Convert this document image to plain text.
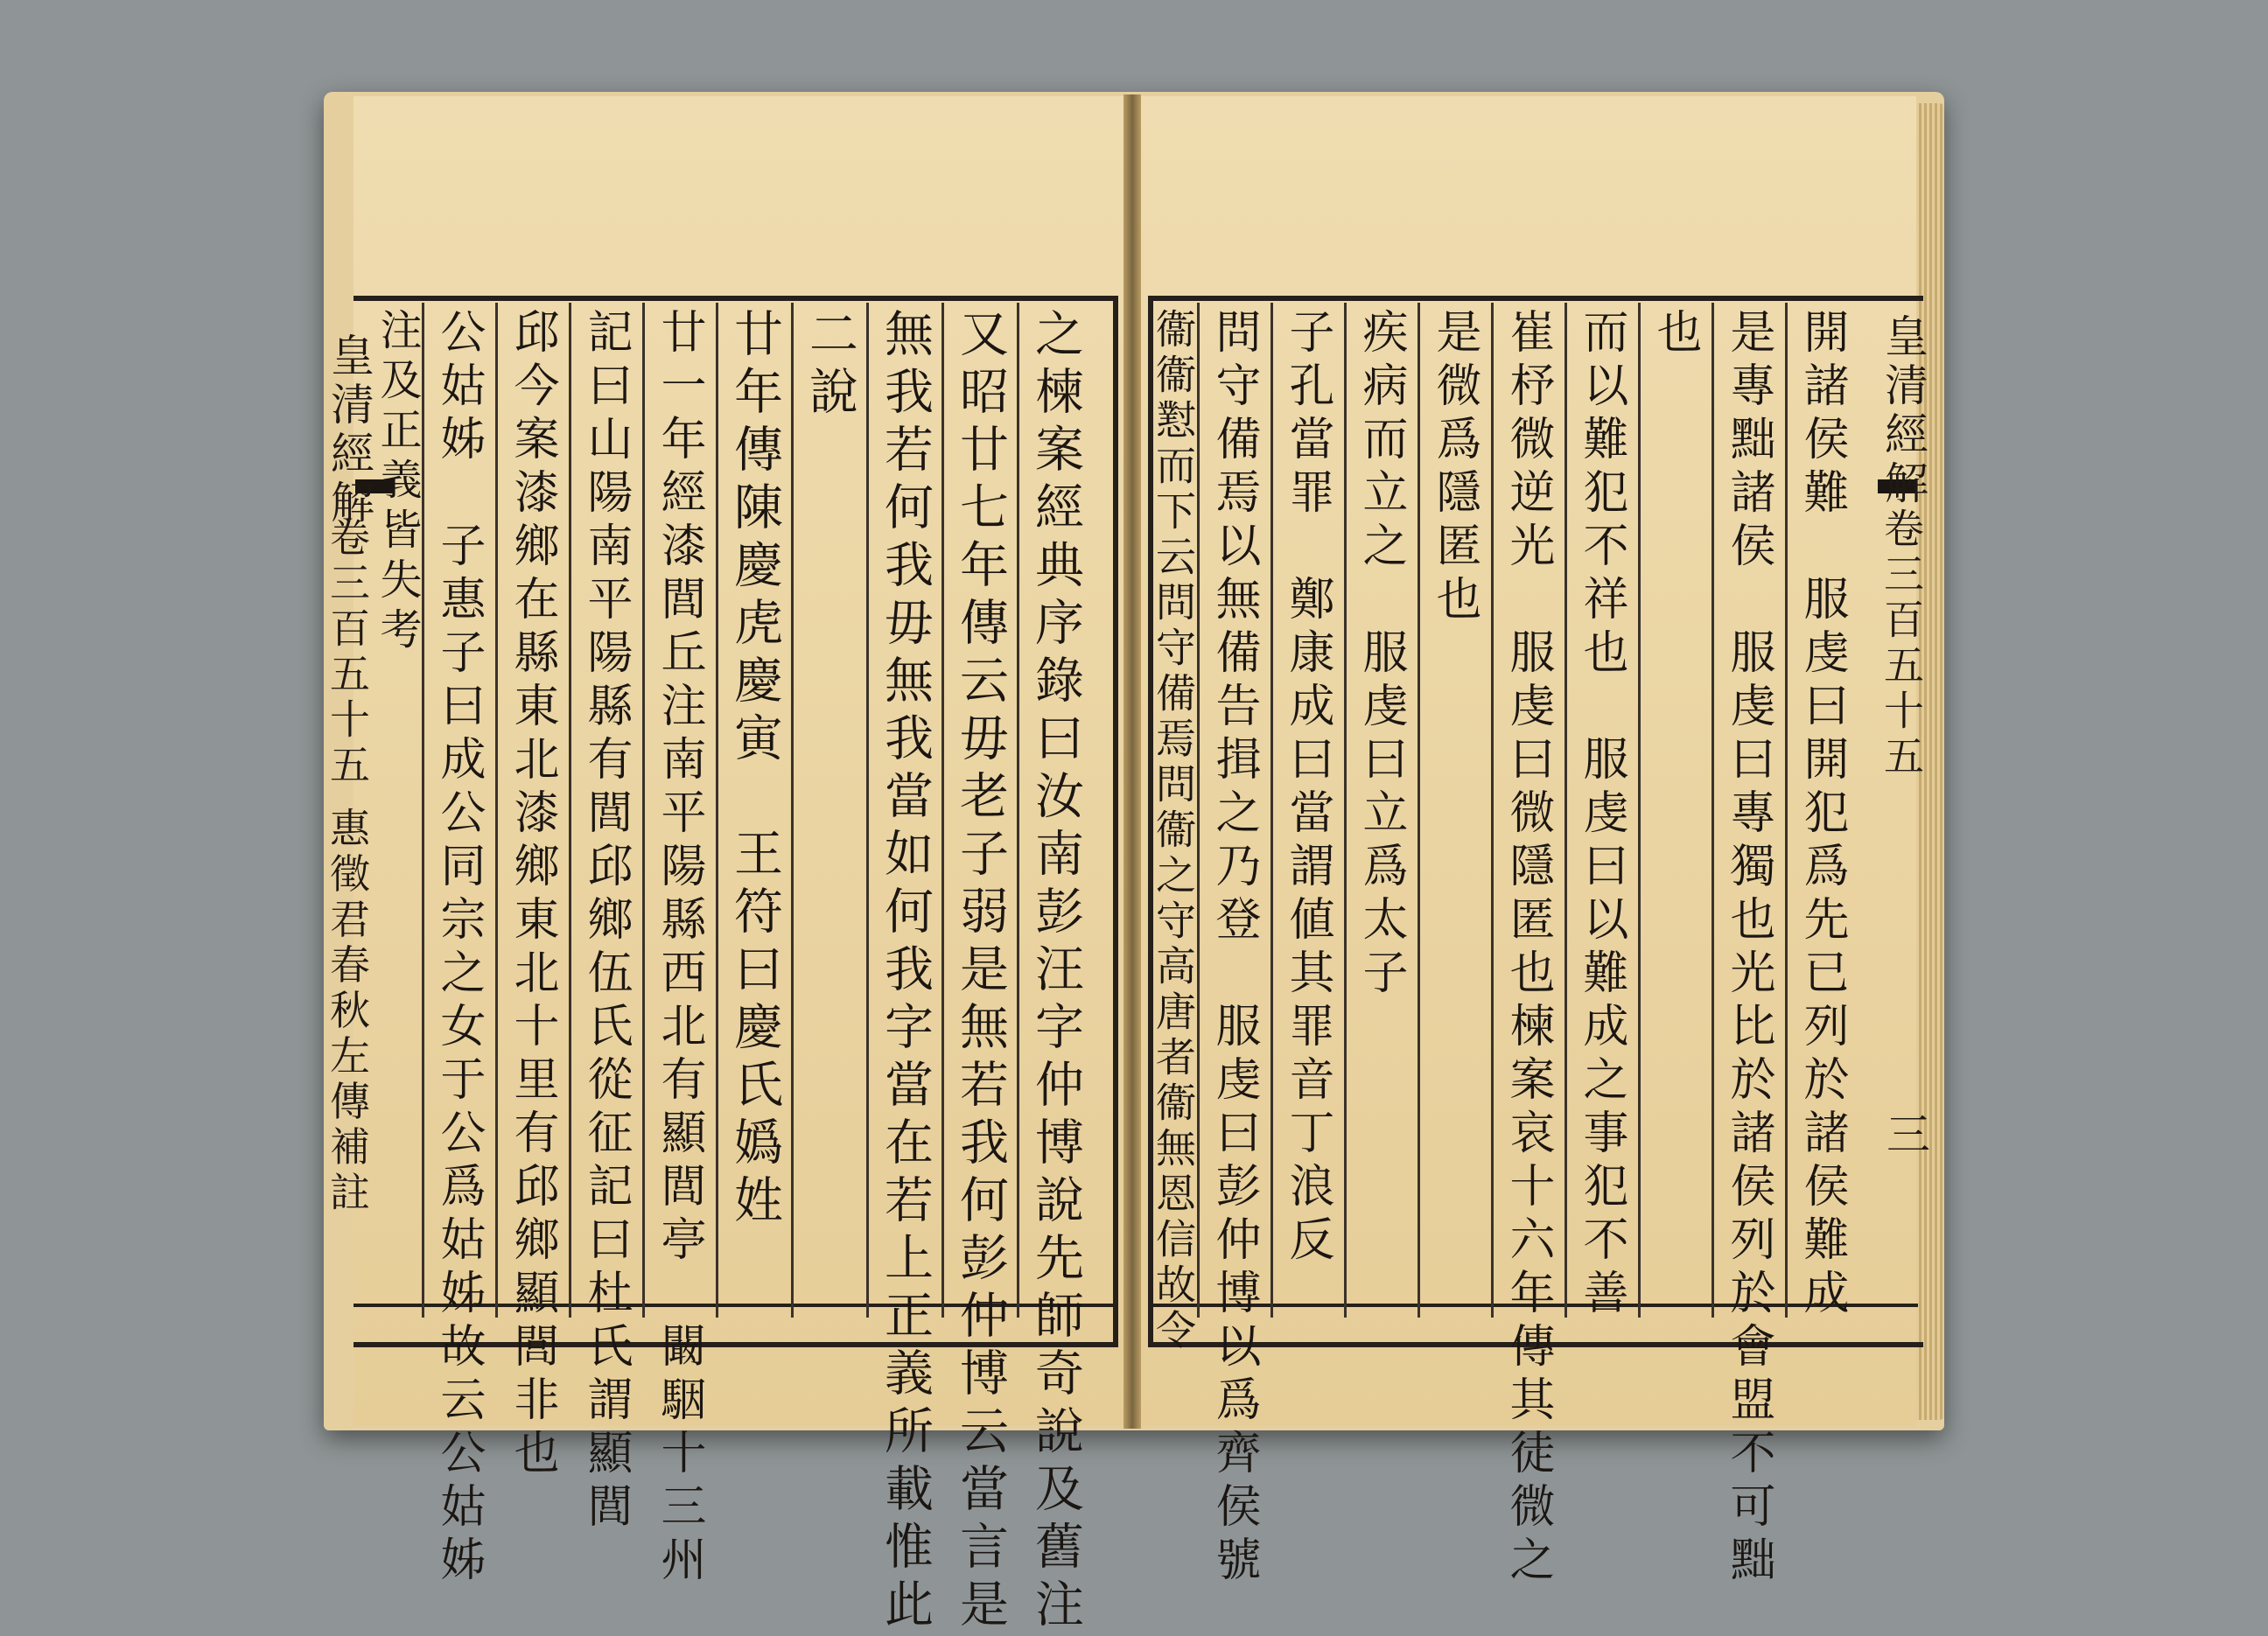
皇清經解
卷三百五十五 惠徵君春秋左傳補註	之楝案經典序錄曰汝南彭汪字仲博說先師奇說及舊注
又昭廿七年傳云毋老子弱是無若我何彭仲博云當言是
無我若何我毋無我當如何我字當在若上正義所載惟此
二說
廿年傳陳慶虎慶寅　王符曰慶氏嬀姓
廿一年經漆閭丘注南平陽縣西北有顯閭亭　闞駰十三州
記曰山陽南平陽縣有閭邱鄉伍氏從征記曰杜氏謂顯閭
邱今案漆鄉在縣東北漆鄉東北十里有邱鄉顯閭非也
公姑姊　子惠子曰成公同宗之女于公爲姑姊故云公姑姊
注及正義皆失考	開諸侯難　服虔曰開犯爲先已列於諸侯難成
是專黜諸侯　服虔曰專獨也光比於諸侯列於會盟不可黜
也
而以難犯不祥也　服虔曰以難成之事犯不善
崔杼微逆光　服虔曰微隱匿也楝案哀十六年傳其徒微之
是微爲隱匿也
疾病而立之　服虔曰立爲太子
子孔當罪　鄭康成曰當謂値其罪音丁浪反
問守備焉以無備告揖之乃登　服虔曰彭仲博以爲齊侯號
衞衞懟而下云問守備焉問衞之守高唐者衞無恩信故令	皇清經解
卷三百五十五
三
